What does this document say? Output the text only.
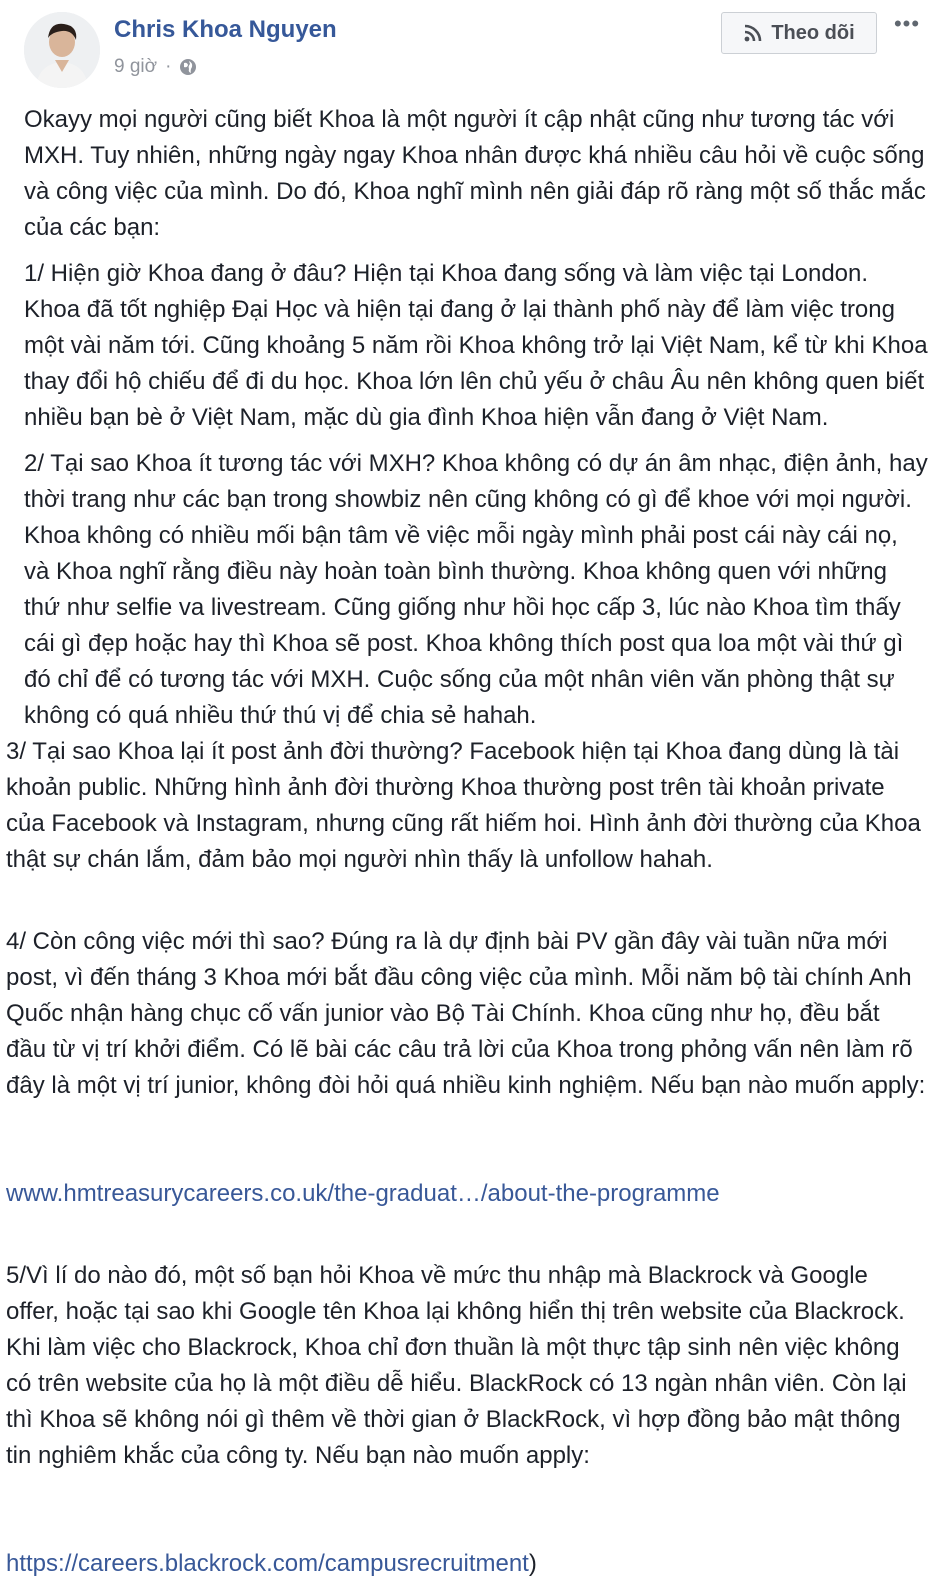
Chris Khoa Nguyen
9 giờ ·
Theo dõi •••

Okayy mọi người cũng biết Khoa là một người ít cập nhật cũng như tương tác với MXH. Tuy nhiên, những ngày ngay Khoa nhân được khá nhiều câu hỏi về cuộc sống và công việc của mình. Do đó, Khoa nghĩ mình nên giải đáp rõ ràng một số thắc mắc của các bạn:

1/ Hiện giờ Khoa đang ở đâu? Hiện tại Khoa đang sống và làm việc tại London. Khoa đã tốt nghiệp Đại Học và hiện tại đang ở lại thành phố này để làm việc trong một vài năm tới. Cũng khoảng 5 năm rồi Khoa không trở lại Việt Nam, kể từ khi Khoa thay đổi hộ chiếu để đi du học. Khoa lớn lên chủ yếu ở châu Âu nên không quen biết nhiều bạn bè ở Việt Nam, mặc dù gia đình Khoa hiện vẫn đang ở Việt Nam.

2/ Tại sao Khoa ít tương tác với MXH? Khoa không có dự án âm nhạc, điện ảnh, hay thời trang như các bạn trong showbiz nên cũng không có gì để khoe với mọi người. Khoa không có nhiều mối bận tâm về việc mỗi ngày mình phải post cái này cái nọ, và Khoa nghĩ rằng điều này hoàn toàn bình thường. Khoa không quen với những thứ như selfie va livestream. Cũng giống như hồi học cấp 3, lúc nào Khoa tìm thấy cái gì đẹp hoặc hay thì Khoa sẽ post. Khoa không thích post qua loa một vài thứ gì đó chỉ để có tương tác với MXH. Cuộc sống của một nhân viên văn phòng thật sự không có quá nhiều thứ thú vị để chia sẻ hahah.

3/ Tại sao Khoa lại ít post ảnh đời thường? Facebook hiện tại Khoa đang dùng là tài khoản public. Những hình ảnh đời thường Khoa thường post trên tài khoản private của Facebook và Instagram, nhưng cũng rất hiếm hoi. Hình ảnh đời thường của Khoa thật sự chán lắm, đảm bảo mọi người nhìn thấy là unfollow hahah.

4/ Còn công việc mới thì sao? Đúng ra là dự định bài PV gần đây vài tuần nữa mới post, vì đến tháng 3 Khoa mới bắt đầu công việc của mình. Mỗi năm bộ tài chính Anh Quốc nhận hàng chục cố vấn junior vào Bộ Tài Chính. Khoa cũng như họ, đều bắt đầu từ vị trí khởi điểm. Có lẽ bài các câu trả lời của Khoa trong phỏng vấn nên làm rõ đây là một vị trí junior, không đòi hỏi quá nhiều kinh nghiệm. Nếu bạn nào muốn apply:

www.hmtreasurycareers.co.uk/the-graduat…/about-the-programme

5/Vì lí do nào đó, một số bạn hỏi Khoa về mức thu nhập mà Blackrock và Google offer, hoặc tại sao khi Google tên Khoa lại không hiển thị trên website của Blackrock. Khi làm việc cho Blackrock, Khoa chỉ đơn thuần là một thực tập sinh nên việc không có trên website của họ là một điều dễ hiểu. BlackRock có 13 ngàn nhân viên. Còn lại thì Khoa sẽ không nói gì thêm về thời gian ở BlackRock, vì hợp đồng bảo mật thông tin nghiêm khắc của công ty. Nếu bạn nào muốn apply:

https://careers.blackrock.com/campusrecruitment)
